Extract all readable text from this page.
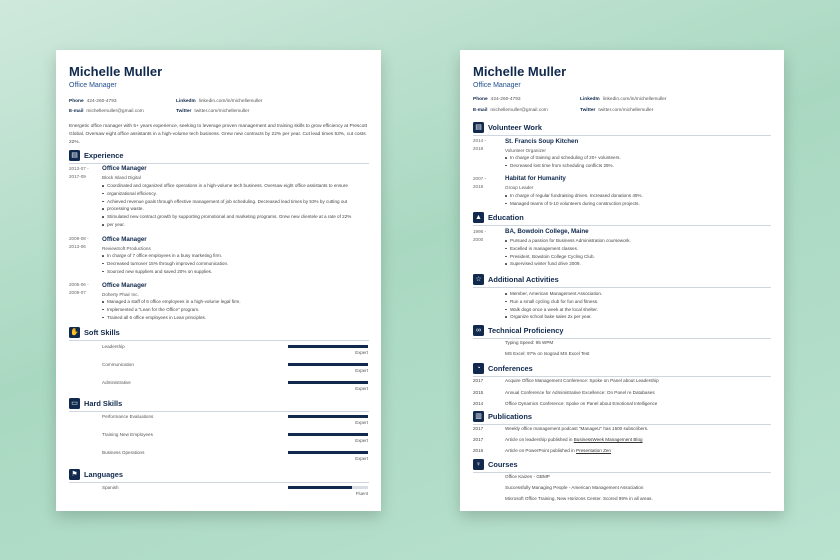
Michelle Muller
Office Manager
Phone 424-260-4793
E-mail michellemuller@gmail.com
LinkedIn linkedin.com/in/michellemuller
Twitter twitter.com/michellemuller
Energetic office manager with 5+ years experience, seeking to leverage proven management and training skills to grow efficiency at Prescott Global. Oversaw eight office assistants in a high-volume tech business. Grew new contracts by 22% per year. Cut lead times 53%, cut costs 22%.
▤ Experience
2013-07 -
2017-09
Office Manager
Block Island Digital
Coordinated and organized office operations in a high-volume tech business. Oversaw eight office assistants to ensure
organizational efficiency.
Achieved revenue goals through effective management of job scheduling. Decreased lead times by 53% by cutting out
processing waste.
Stimulated new contract growth by supporting promotional and marketing programs. Grew new clientele at a rate of 22%
per year.
2009-08 -
2013-06
Office Manager
ReviewSoft Productions
In charge of 7 office employees in a busy marketing firm.
Decreased turnover 15% through improved communication.
Sourced new suppliers and saved 20% on supplies.
2005-06 -
2009-07
Office Manager
Doherty Phair Inc.
Managed a staff of 6 office employees in a high-volume legal firm.
Implemented a "Lean for the Office" program.
Trained all 6 office employees in Lean principles.
✋ Soft Skills
Leadership
Expert
Communication
Expert
Administrative
Expert
▭ Hard Skills
Performance Evaluations
Expert
Training New Employees
Expert
Business Operations
Expert
⚑ Languages
Spanish
Fluent
Michelle Muller
Office Manager
Phone 424-260-4793
E-mail michellemuller@gmail.com
LinkedIn linkedin.com/in/michellemuller
Twitter twitter.com/michellemuller
▤ Volunteer Work
2014 -
2018
St. Francis Soup Kitchen
Volunteer Organizer
In charge of training and scheduling of 20+ volunteers.
Decreased lost time from scheduling conflicts 25%.
2007 -
2018
Habitat for Humanity
Group Leader
In charge of regular fundraising drives. Increased donations 45%.
Managed teams of 5-10 volunteers during construction projects.
▲ Education
1996 -
2000
BA, Bowdoin College, Maine
Pursued a passion for Business Administration coursework.
Excelled in management classes.
President, Bowdoin College Cycling Club.
Supervised winter fund drive 2009.
☆ Additional Activities
Member, American Management Association.
Run a small cycling club for fun and fitness.
Walk dogs once a week at the local shelter.
Organize school bake sales 2x per year.
∞ Technical Proficiency
Typing Speed: 95 WPM
MS Excel: 97% on Isograd MS Excel Test
◔ Conferences
2017	Acquire Office Management Conference: Spoke on Panel about Leadership
2015	Annual Conference for Administrative Excellence: On Panel re Databases
2014	Office Dynamics Conference: Spoke on Panel about Emotional Intelligence
▥ Publications
2017	Weekly office management podcast "ManageU" has 1500 subscribers.
2017	Article on leadership published in BusinessWeek Management Blog
2016	Article on PowerPoint published in Presentation Zen
♀ Courses
Office Kaizen - GBMP
Successfully Managing People - American Management Association
Microsoft Office Training, New Horizons Center. Scored 99% in all areas.
